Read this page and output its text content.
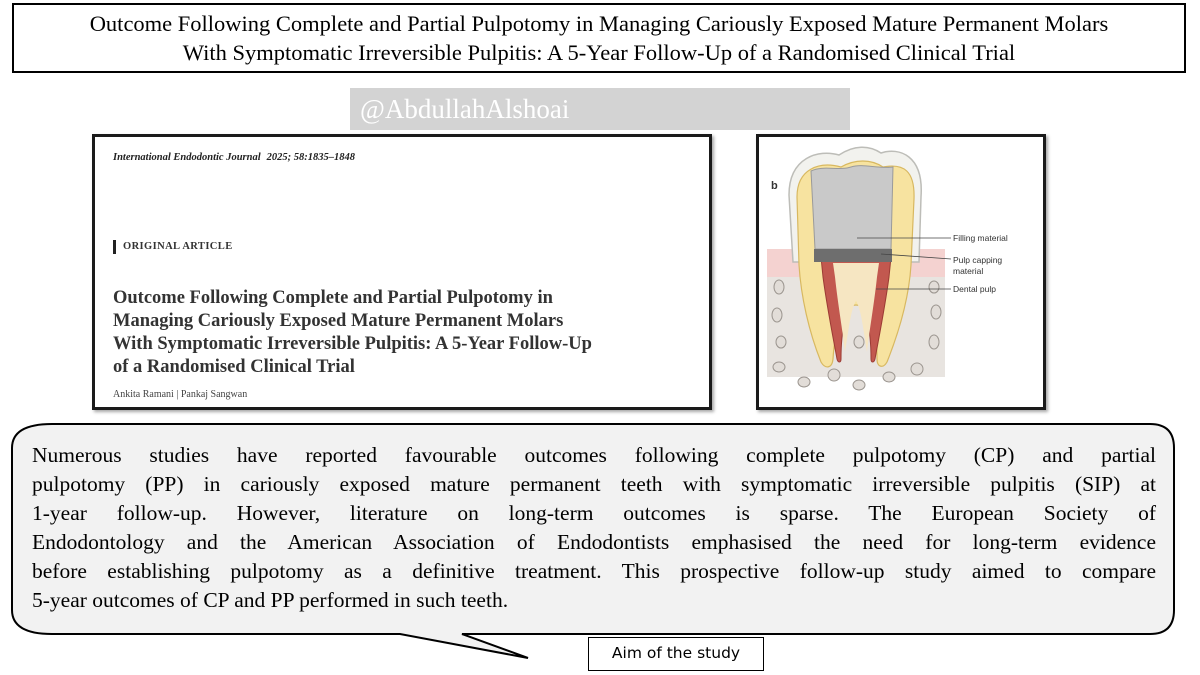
Outcome Following Complete and Partial Pulpotomy in Managing Cariously Exposed Mature Permanent Molars
With Symptomatic Irreversible Pulpitis: A 5-Year Follow-Up of a Randomised Clinical Trial
@AbdullahAlshoai
International Endodontic Journal 2025; 58:1835–1848
ORIGINAL ARTICLE
Outcome Following Complete and Partial Pulpotomy in
Managing Cariously Exposed Mature Permanent Molars
With Symptomatic Irreversible Pulpitis: A 5-Year Follow-Up
of a Randomised Clinical Trial
Ankita Ramani | Pankaj Sangwan
b
Filling material
Pulp capping
material
Dental pulp
Numerous studies have reported favourable outcomes following complete pulpotomy (CP) and partial
pulpotomy (PP) in cariously exposed mature permanent teeth with symptomatic irreversible pulpitis (SIP) at
1-year follow-up. However, literature on long-term outcomes is sparse. The European Society of
Endodontology and the American Association of Endodontists emphasised the need for long-term evidence
before establishing pulpotomy as a definitive treatment. This prospective follow-up study aimed to compare
5-year outcomes of CP and PP performed in such teeth.
Aim of the study
